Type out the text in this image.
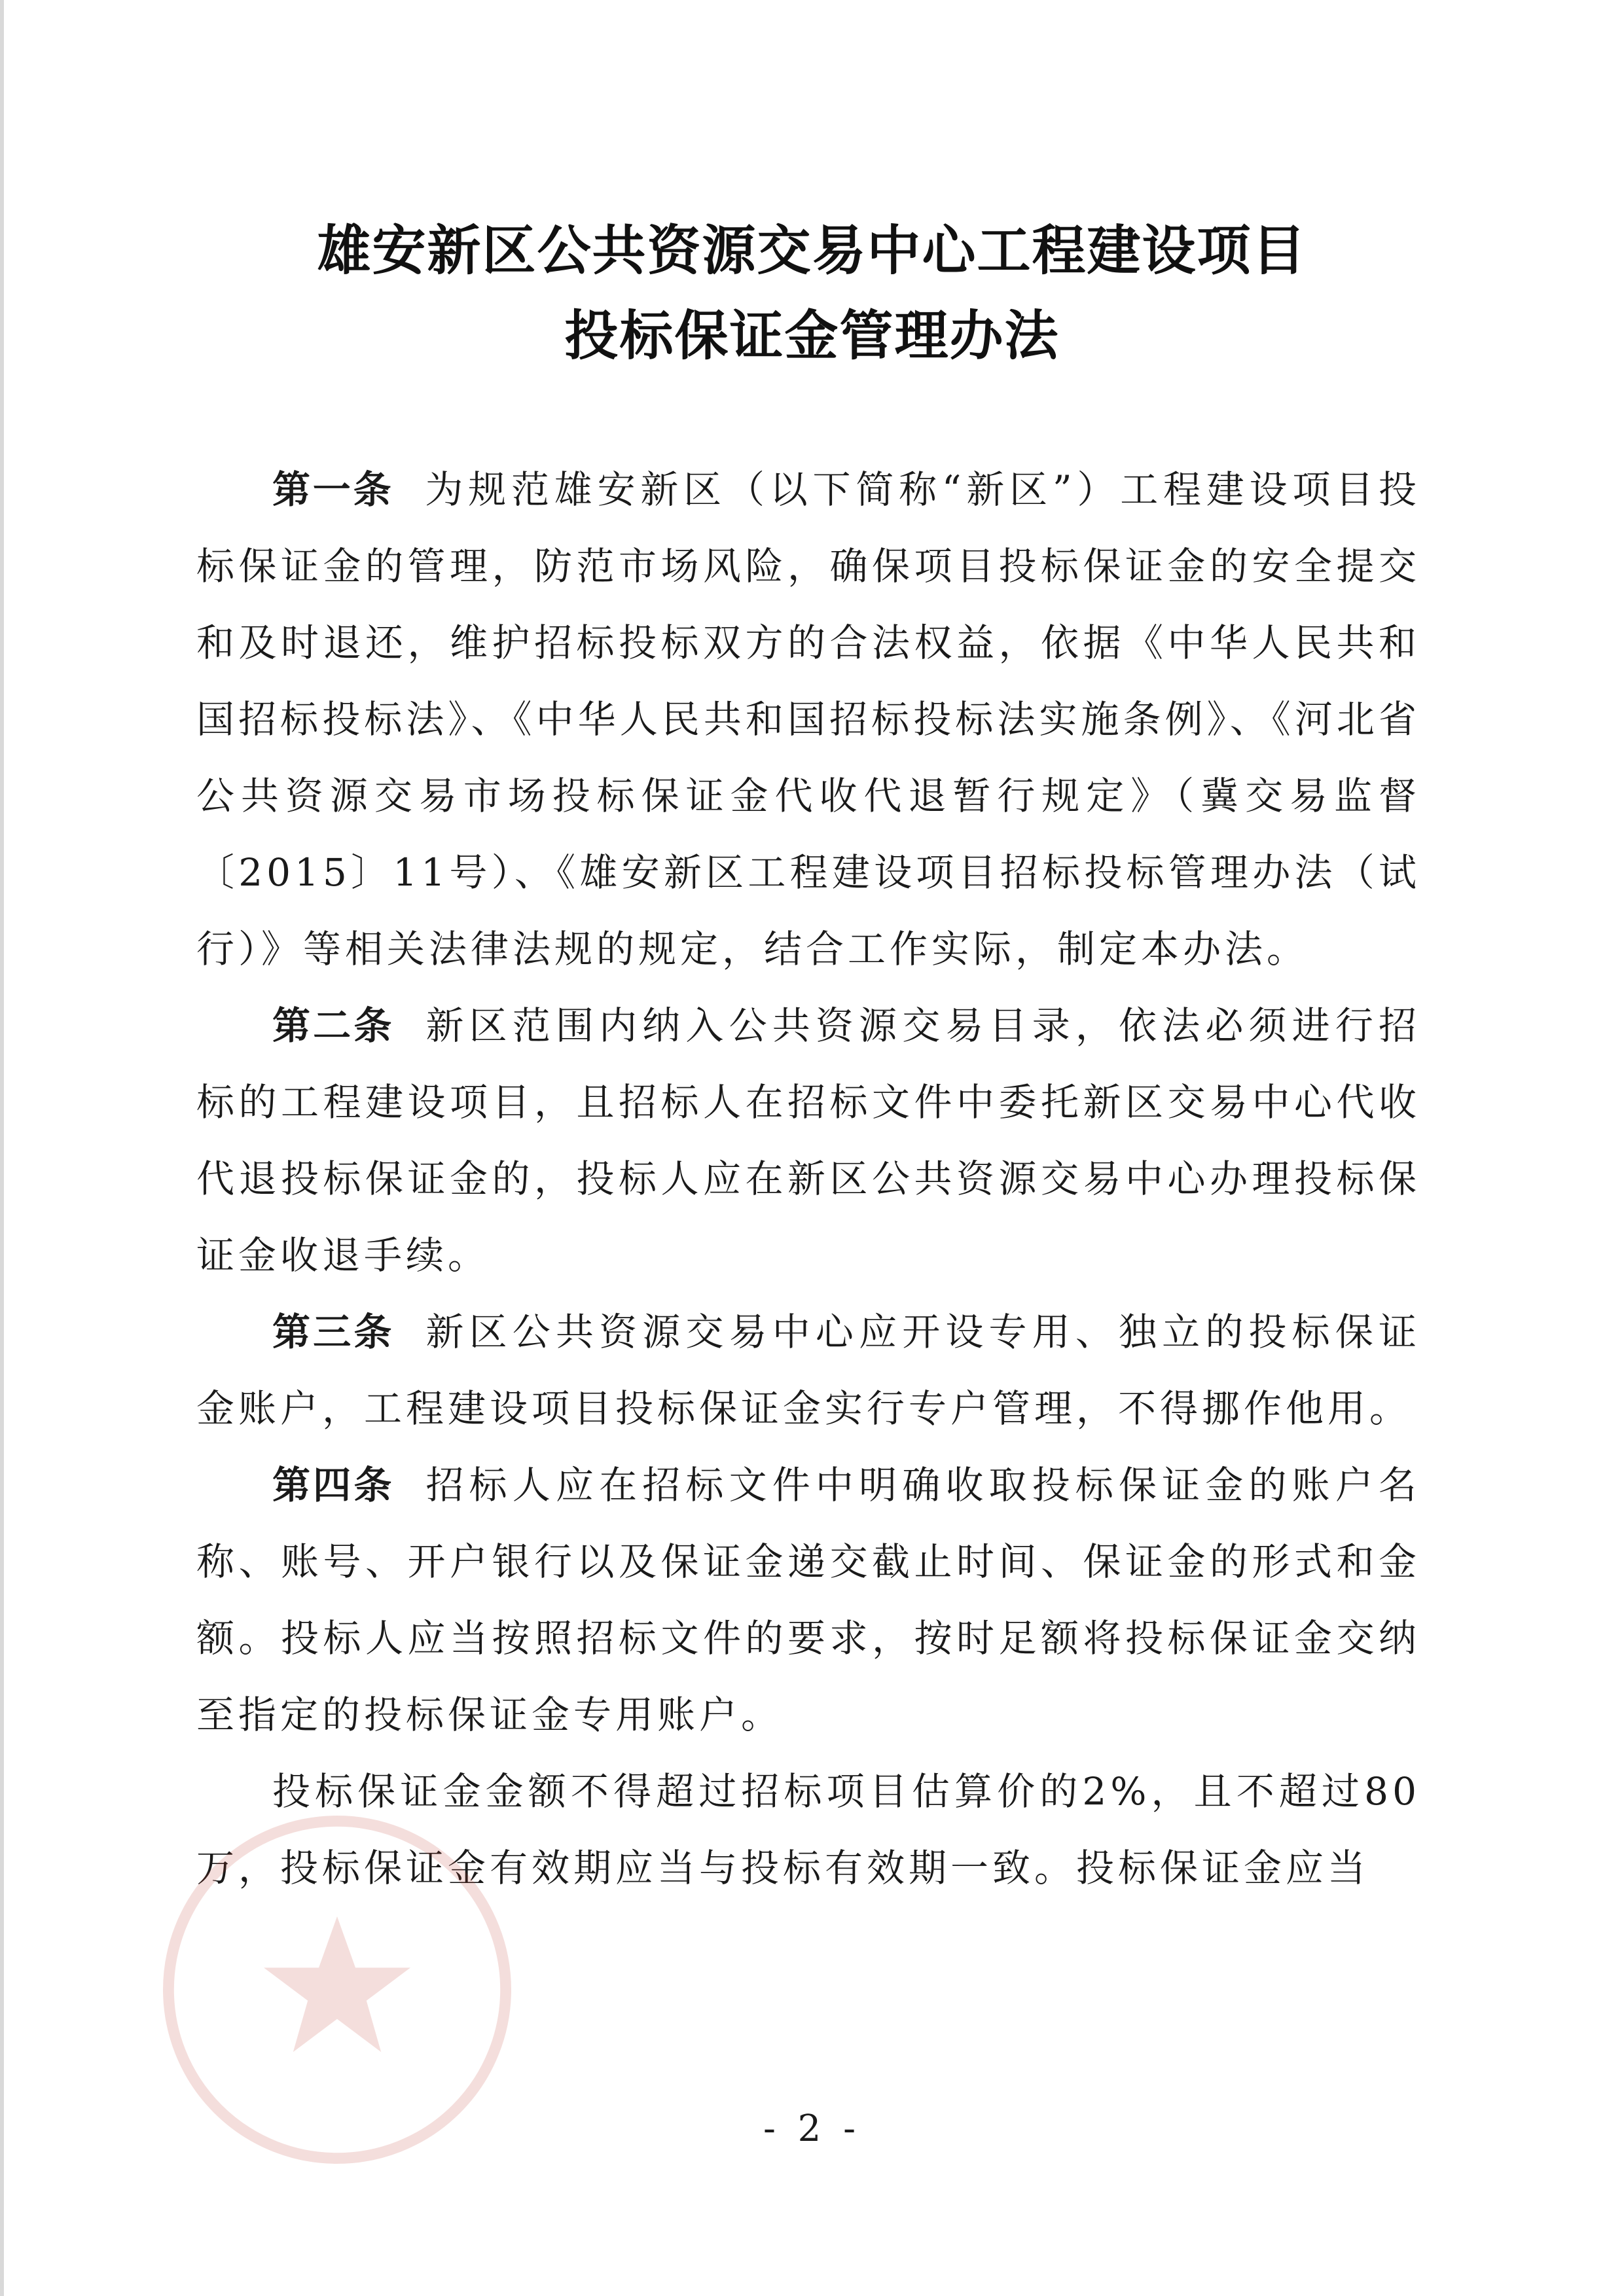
雄安新区公共资源交易中心工程建设项目
投标保证金管理办法

第一条 为规范雄安新区（以下简称“新区”）工程建设项目投标保证金的管理，防范市场风险，确保项目投标保证金的安全提交和及时退还，维护招标投标双方的合法权益，依据《中华人民共和国招标投标法》、《中华人民共和国招标投标法实施条例》、《河北省公共资源交易市场投标保证金代收代退暂行规定》（冀交易监督〔2015〕11号）、《雄安新区工程建设项目招标投标管理办法（试行）》等相关法律法规的规定，结合工作实际，制定本办法。

第二条 新区范围内纳入公共资源交易目录，依法必须进行招标的工程建设项目，且招标人在招标文件中委托新区交易中心代收代退投标保证金的，投标人应在新区公共资源交易中心办理投标保证金收退手续。

第三条 新区公共资源交易中心应开设专用、独立的投标保证金账户，工程建设项目投标保证金实行专户管理，不得挪作他用。

第四条 招标人应在招标文件中明确收取投标保证金的账户名称、账号、开户银行以及保证金递交截止时间、保证金的形式和金额。投标人应当按照招标文件的要求，按时足额将投标保证金交纳至指定的投标保证金专用账户。

投标保证金金额不得超过招标项目估算价的2%，且不超过80万，投标保证金有效期应当与投标有效期一致。投标保证金应当

- 2 -
